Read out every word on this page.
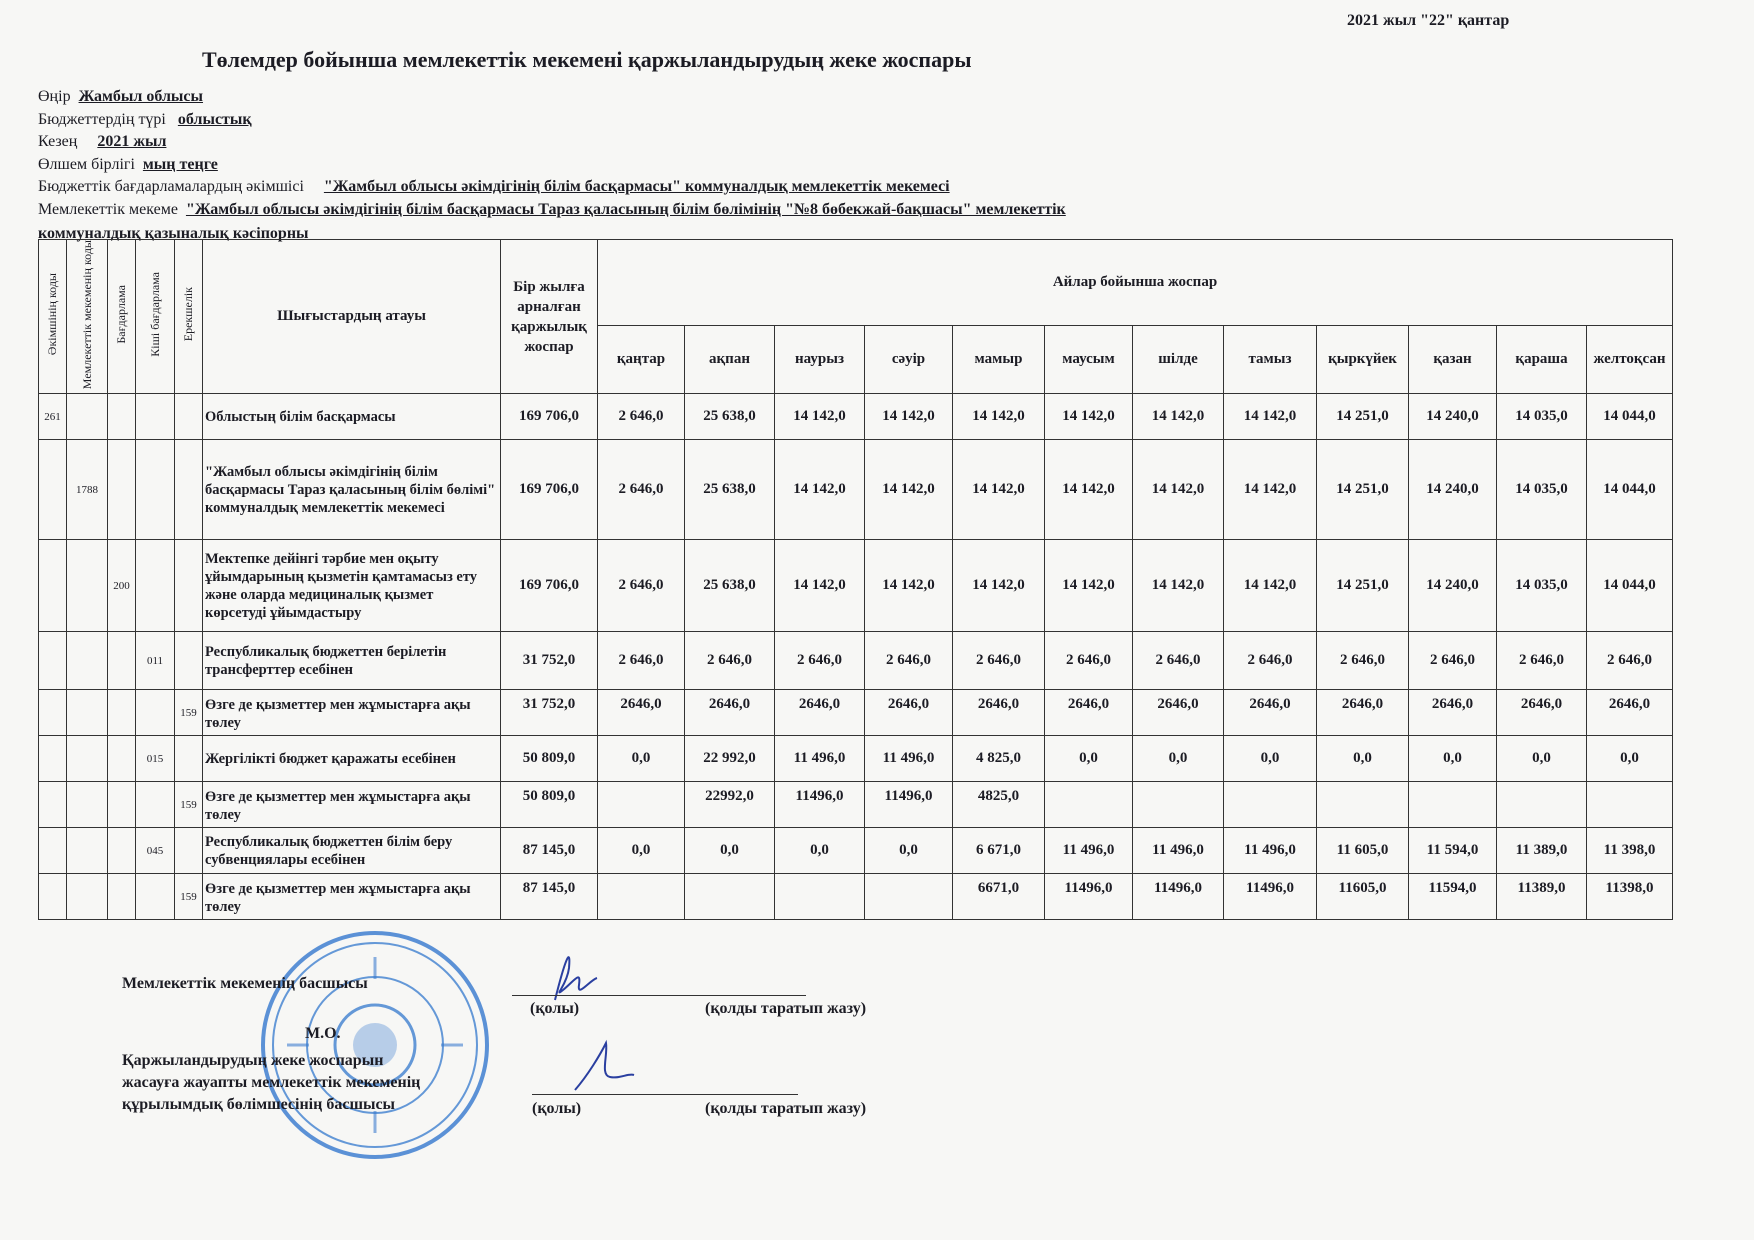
2021 жыл "22" қантар
Төлемдер бойынша мемлекеттік мекемені қаржыландырудың жеке жоспары
Өңір Жамбыл облысы
Бюджеттердің түрі облыстық
Кезең 2021 жыл
Өлшем бірлігі мың теңге
Бюджеттік бағдарламалардың әкімшісі "Жамбыл облысы әкімдігінің білім басқармасы" коммуналдық мемлекеттік мекемесі
Мемлекеттік мекеме "Жамбыл облысы әкімдігінің білім басқармасы Тараз қаласының білім бөлімінің "№8 бөбекжай-бақшасы" мемлекеттік
коммуналдық қазыналық кәсіпорны
Әкімшінің коды	Мемлекеттік мекеменің коды	Бағдарлама	Кіші бағдарлама	Ерекшелік	Шығыстардың атауы	Бір жылға арналған қаржылық жоспар	Айлар бойынша жоспар											
							қаңтар	ақпан	наурыз	сәуір	мамыр	маусым	шілде	тамыз	қыркүйек	қазан	қараша	желтоқсан
261					Облыстың білім басқармасы	169 706,0	2 646,0	25 638,0	14 142,0	14 142,0	14 142,0	14 142,0	14 142,0	14 142,0	14 251,0	14 240,0	14 035,0	14 044,0
	1788				"Жамбыл облысы әкімдігінің білім басқармасы Тараз қаласының білім бөлімі" коммуналдық мемлекеттік мекемесі	169 706,0	2 646,0	25 638,0	14 142,0	14 142,0	14 142,0	14 142,0	14 142,0	14 142,0	14 251,0	14 240,0	14 035,0	14 044,0
		200			Мектепке дейінгі тәрбие мен оқыту ұйымдарының қызметін қамтамасыз ету және оларда медициналық қызмет көрсетуді ұйымдастыру	169 706,0	2 646,0	25 638,0	14 142,0	14 142,0	14 142,0	14 142,0	14 142,0	14 142,0	14 251,0	14 240,0	14 035,0	14 044,0
			011		Республикалық бюджеттен берілетін трансферттер есебінен	31 752,0	2 646,0	2 646,0	2 646,0	2 646,0	2 646,0	2 646,0	2 646,0	2 646,0	2 646,0	2 646,0	2 646,0	2 646,0
				159	Өзге де қызметтер мен жұмыстарға ақы төлеу	31 752,0	2646,0	2646,0	2646,0	2646,0	2646,0	2646,0	2646,0	2646,0	2646,0	2646,0	2646,0	2646,0
			015		Жергілікті бюджет қаражаты есебінен	50 809,0	0,0	22 992,0	11 496,0	11 496,0	4 825,0	0,0	0,0	0,0	0,0	0,0	0,0	0,0
				159	Өзге де қызметтер мен жұмыстарға ақы төлеу	50 809,0		22992,0	11496,0	11496,0	4825,0							
			045		Республикалық бюджеттен білім беру субвенциялары есебінен	87 145,0	0,0	0,0	0,0	0,0	6 671,0	11 496,0	11 496,0	11 496,0	11 605,0	11 594,0	11 389,0	11 398,0
				159	Өзге де қызметтер мен жұмыстарға ақы төлеу	87 145,0					6671,0	11496,0	11496,0	11496,0	11605,0	11594,0	11389,0	11398,0
Мемлекеттік мекеменің басшысы
(қолы)	(қолды таратып жазу)
М.О.
Қаржыландырудың жеке жоспарын
жасауға жауапты мемлекеттік мекеменің
құрылымдық бөлімшесінің басшысы	(қолы)	(қолды таратып жазу)
